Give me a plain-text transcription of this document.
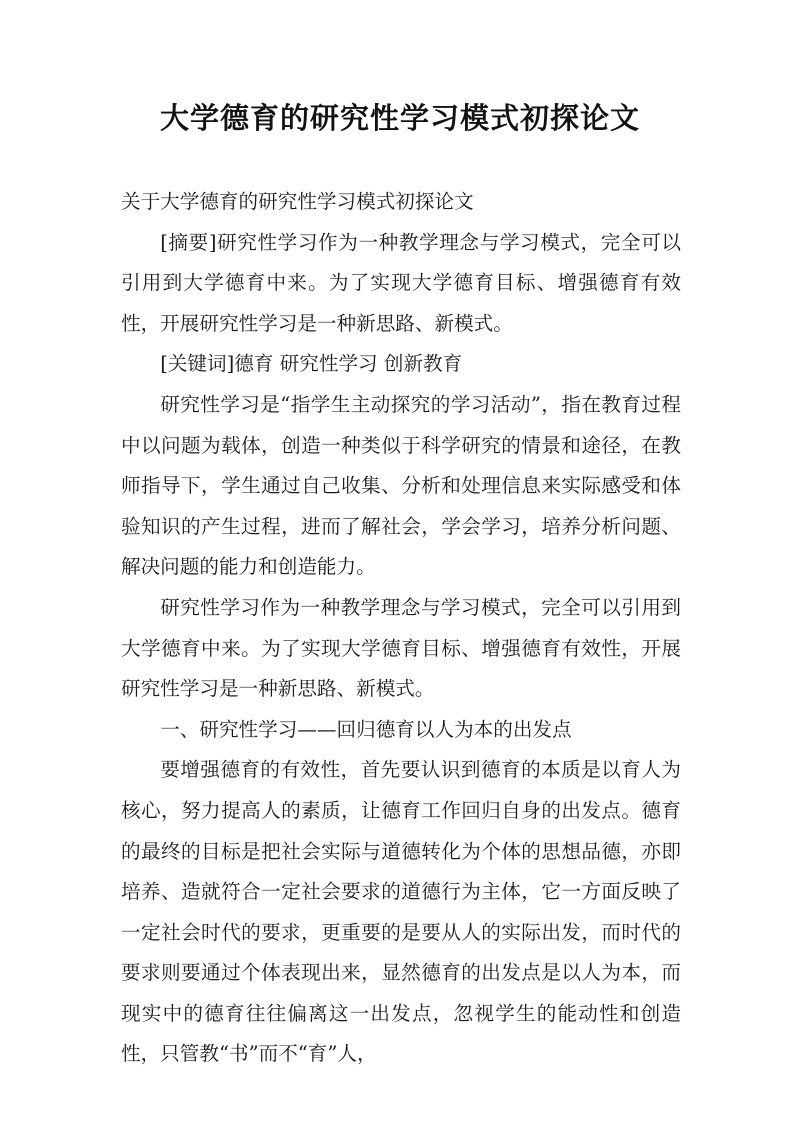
大学德育的研究性学习模式初探论文

关于大学德育的研究性学习模式初探论文

[摘要]研究性学习作为一种教学理念与学习模式，完全可以引用到大学德育中来。为了实现大学德育目标、增强德育有效性，开展研究性学习是一种新思路、新模式。

[关键词]德育 研究性学习 创新教育

研究性学习是“指学生主动探究的学习活动”，指在教育过程中以问题为载体，创造一种类似于科学研究的情景和途径，在教师指导下，学生通过自己收集、分析和处理信息来实际感受和体验知识的产生过程，进而了解社会，学会学习，培养分析问题、解决问题的能力和创造能力。

研究性学习作为一种教学理念与学习模式，完全可以引用到大学德育中来。为了实现大学德育目标、增强德育有效性，开展研究性学习是一种新思路、新模式。

一、研究性学习——回归德育以人为本的出发点

要增强德育的有效性，首先要认识到德育的本质是以育人为核心，努力提高人的素质，让德育工作回归自身的出发点。德育的最终的目标是把社会实际与道德转化为个体的思想品德，亦即培养、造就符合一定社会要求的道德行为主体，它一方面反映了一定社会时代的要求，更重要的是要从人的实际出发，而时代的要求则要通过个体表现出来，显然德育的出发点是以人为本，而现实中的德育往往偏离这一出发点，忽视学生的能动性和创造性，只管教“书”而不“育”人，
